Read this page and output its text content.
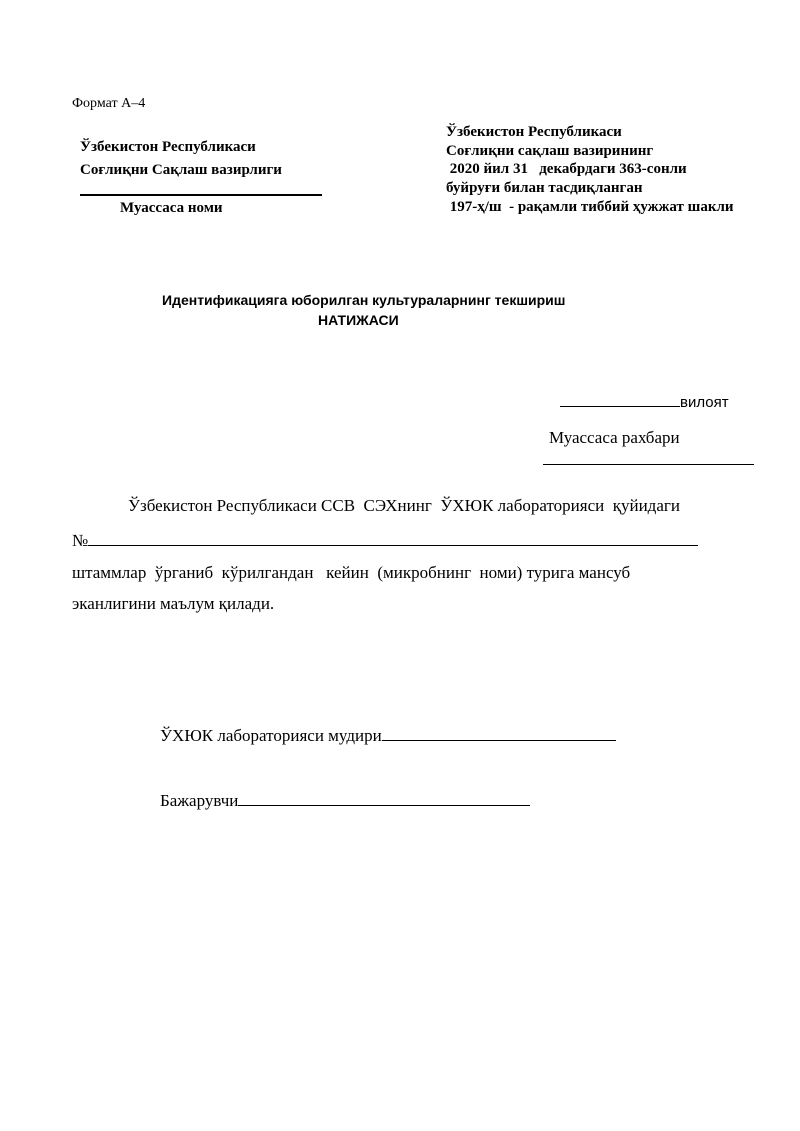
Формат А–4
Ўзбекистон Республикаси
Соғлиқни Сақлаш вазирлиги
Муассаса номи
Ўзбекистон Республикаси
Соғлиқни сақлаш вазирининг
2020 йил 31   декабрдаги 363-сонли
буйруғи билан тасдиқланган
197-ҳ/ш  - рақамли тиббий ҳужжат шакли
Идентификацияга юборилган культураларнинг текшириш
НАТИЖАСИ
вилоят
Муассаса рахбари
Ўзбекистон Республикаси ССВ  СЭХнинг  ЎХЮК лабораторияси  қуйидаги
№
штаммлар  ўрганиб  кўрилгандан   кейин  (микробнинг  номи) турига мансуб
эканлигини маълум қилади.
ЎХЮК лабораторияси мудири
Бажарувчи
